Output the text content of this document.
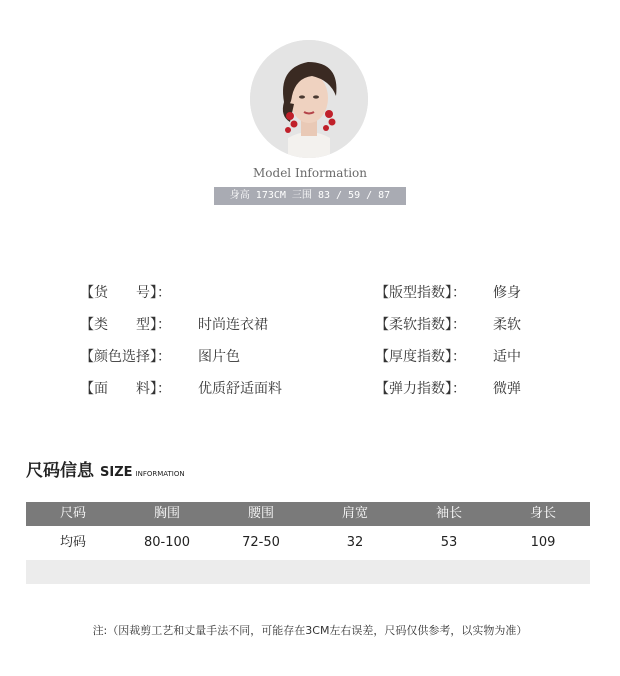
Model Information
身高 173CM 三围 83 / 59 / 87
【货　　号】：	【版型指数】： 修身
【类　　型】： 时尚连衣裙	【柔软指数】： 柔软
【颜色选择】： 图片色	【厚度指数】： 适中
【面　　料】： 优质舒适面料	【弹力指数】： 微弹
尺码信息 SIZE INFORMATION
尺码	胸围	腰围	肩宽	袖长	身长
均码	80-100	72-50	32	53	109
注:（因裁剪工艺和丈量手法不同，可能存在3CM左右误差，尺码仅供参考，以实物为准）
